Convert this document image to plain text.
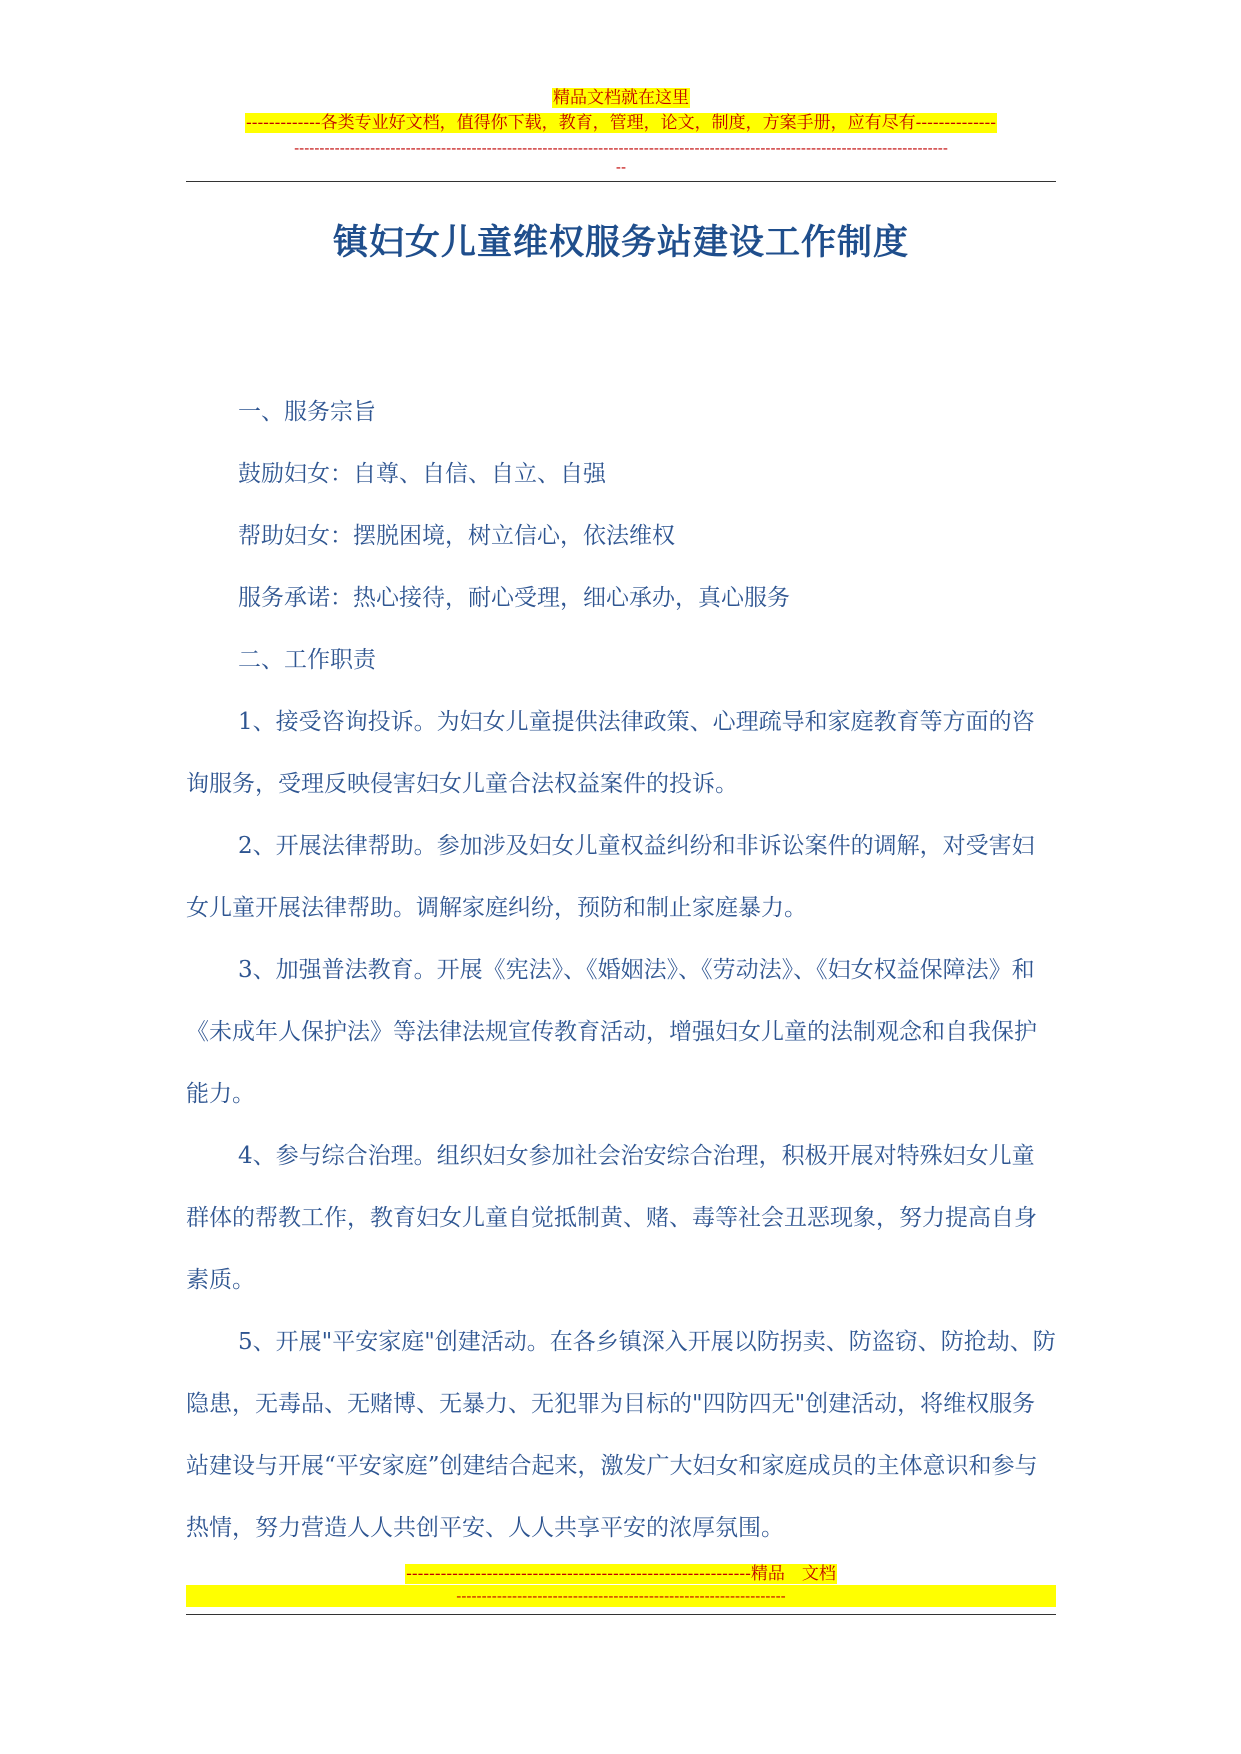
精品文档就在这里
-------------各类专业好文档，值得你下载，教育，管理，论文，制度，方案手册，应有尽有--------------
---------------------------------------------------------------------------------------------------------------------------------
--
镇妇女儿童维权服务站建设工作制度

一、服务宗旨

鼓励妇女：自尊、自信、自立、自强

帮助妇女：摆脱困境，树立信心，依法维权

服务承诺：热心接待，耐心受理，细心承办，真心服务

二、工作职责

1、接受咨询投诉。为妇女儿童提供法律政策、心理疏导和家庭教育等方面的咨询服务，受理反映侵害妇女儿童合法权益案件的投诉。

2、开展法律帮助。参加涉及妇女儿童权益纠纷和非诉讼案件的调解，对受害妇女儿童开展法律帮助。调解家庭纠纷，预防和制止家庭暴力。

3、加强普法教育。开展《宪法》、《婚姻法》、《劳动法》、《妇女权益保障法》和《未成年人保护法》等法律法规宣传教育活动，增强妇女儿童的法制观念和自我保护能力。

4、参与综合治理。组织妇女参加社会治安综合治理，积极开展对特殊妇女儿童群体的帮教工作，教育妇女儿童自觉抵制黄、赌、毒等社会丑恶现象，努力提高自身素质。

5、开展"平安家庭"创建活动。在各乡镇深入开展以防拐卖、防盗窃、防抢劫、防隐患，无毒品、无赌博、无暴力、无犯罪为目标的"四防四无"创建活动，将维权服务站建设与开展“平安家庭”创建结合起来，激发广大妇女和家庭成员的主体意识和参与热情，努力营造人人共创平安、人人共享平安的浓厚氛围。

------------------------------------------------------------精品　文档

-----------------------------------------------------------------
